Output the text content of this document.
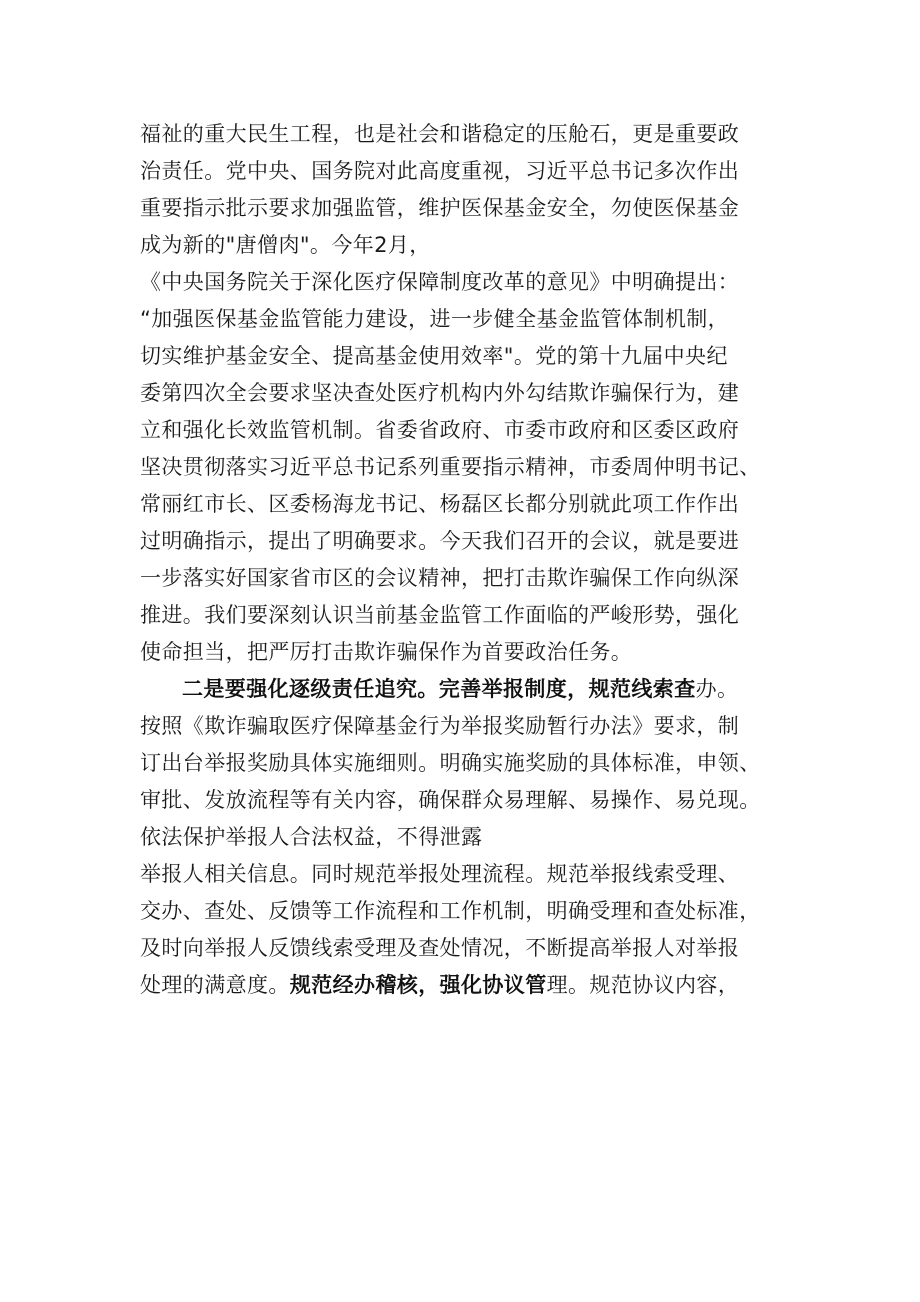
福祉的重大民生工程，也是社会和谐稳定的压舱石，更是重要政
治责任。党中央、国务院对此高度重视，习近平总书记多次作出
重要指示批示要求加强监管，维护医保基金安全，勿使医保基金
成为新的"唐僧肉"。今年2月，
《中央国务院关于深化医疗保障制度改革的意见》中明确提出：
“加强医保基金监管能力建设，进一步健全基金监管体制机制，
切实维护基金安全、提高基金使用效率"。党的第十九届中央纪
委第四次全会要求坚决查处医疗机构内外勾结欺诈骗保行为，建
立和强化长效监管机制。省委省政府、市委市政府和区委区政府
坚决贯彻落实习近平总书记系列重要指示精神，市委周仲明书记、
常丽红市长、区委杨海龙书记、杨磊区长都分别就此项工作作出
过明确指示，提出了明确要求。今天我们召开的会议，就是要进
一步落实好国家省市区的会议精神，把打击欺诈骗保工作向纵深
推进。我们要深刻认识当前基金监管工作面临的严峻形势，强化
使命担当，把严厉打击欺诈骗保作为首要政治任务。
二是要强化逐级责任追究。完善举报制度，规范线索查办。
按照《欺诈骗取医疗保障基金行为举报奖励暂行办法》要求，制
订出台举报奖励具体实施细则。明确实施奖励的具体标准，申领、
审批、发放流程等有关内容，确保群众易理解、易操作、易兑现。
依法保护举报人合法权益，不得泄露
举报人相关信息。同时规范举报处理流程。规范举报线索受理、
交办、查处、反馈等工作流程和工作机制，明确受理和查处标准，
及时向举报人反馈线索受理及查处情况，不断提高举报人对举报
处理的满意度。规范经办稽核，强化协议管理。规范协议内容，
